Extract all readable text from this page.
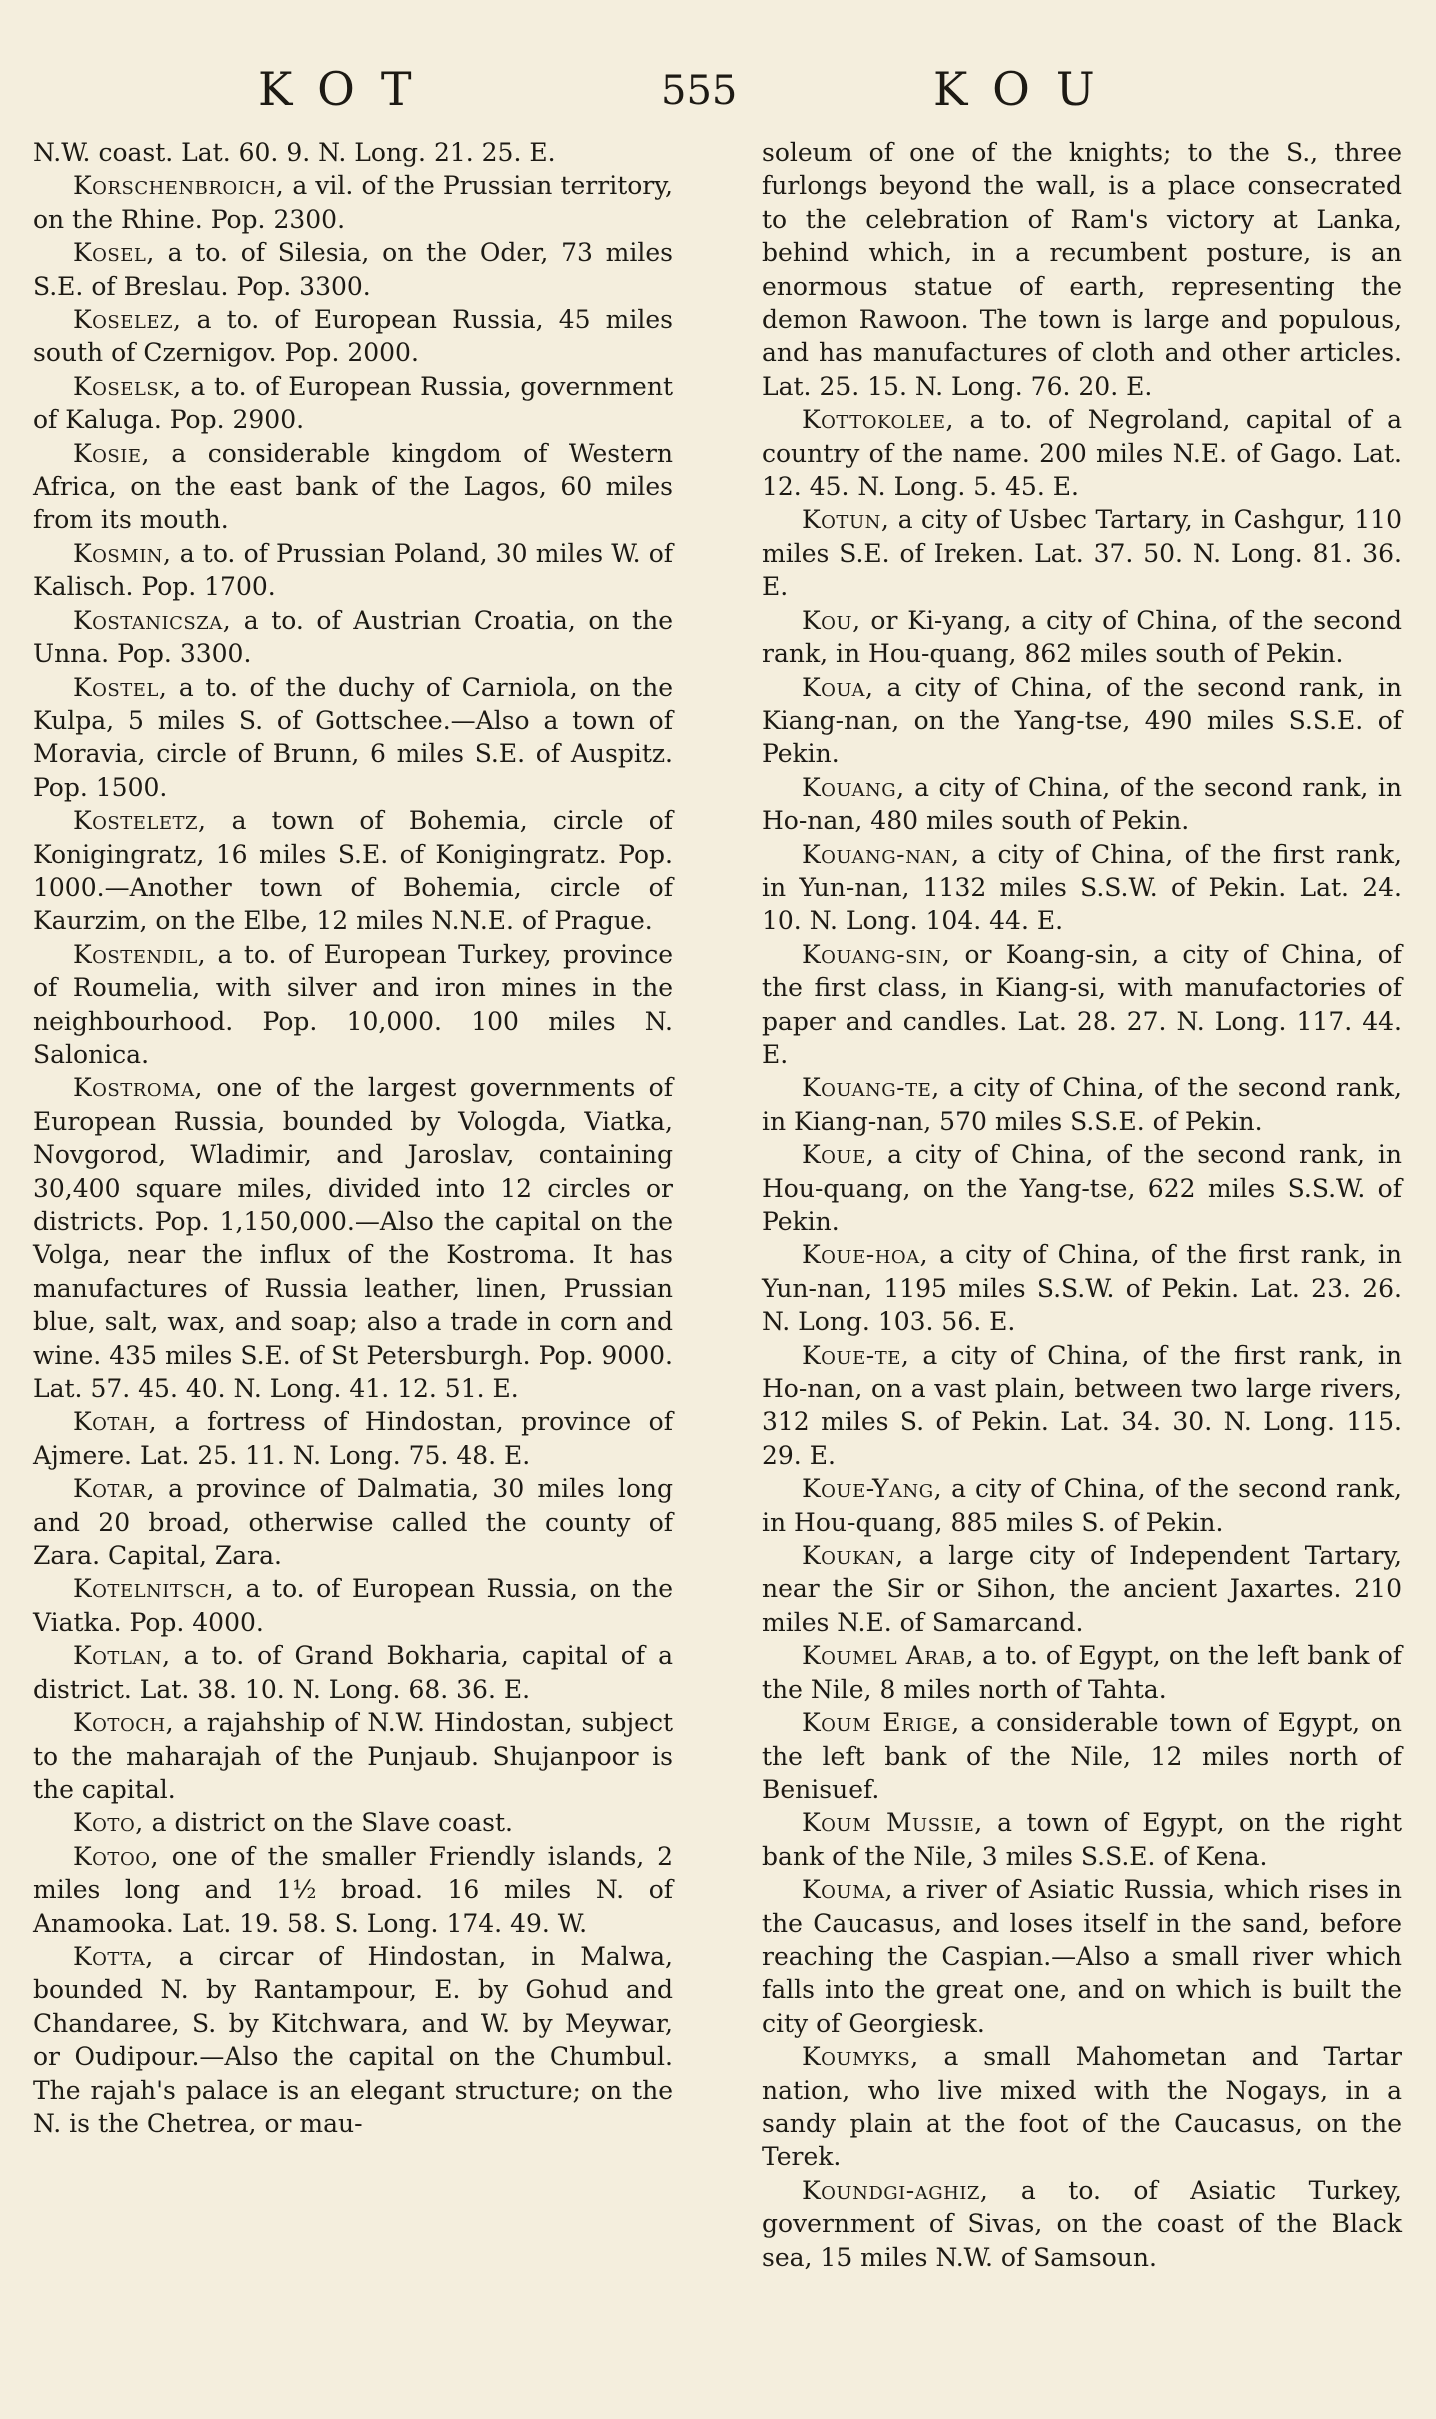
KOT	555	KOU

N.W. coast. Lat. 60. 9. N. Long. 21. 25. E.

Korschenbroich, a vil. of the Prussian territory, on the Rhine. Pop. 2300.

Kosel, a to. of Silesia, on the Oder, 73 miles S.E. of Breslau. Pop. 3300.

Koselez, a to. of European Russia, 45 miles south of Czernigov. Pop. 2000.

Koselsk, a to. of European Russia, government of Kaluga. Pop. 2900.

Kosie, a considerable kingdom of Western Africa, on the east bank of the Lagos, 60 miles from its mouth.

Kosmin, a to. of Prussian Poland, 30 miles W. of Kalisch. Pop. 1700.

Kostanicsza, a to. of Austrian Croatia, on the Unna. Pop. 3300.

Kostel, a to. of the duchy of Carniola, on the Kulpa, 5 miles S. of Gottschee.—Also a town of Moravia, circle of Brunn, 6 miles S.E. of Auspitz. Pop. 1500.

Kosteletz, a town of Bohemia, circle of Konigingratz, 16 miles S.E. of Konigingratz. Pop. 1000.—Another town of Bohemia, circle of Kaurzim, on the Elbe, 12 miles N.N.E. of Prague.

Kostendil, a to. of European Turkey, province of Roumelia, with silver and iron mines in the neighbourhood. Pop. 10,000. 100 miles N. Salonica.

Kostroma, one of the largest governments of European Russia, bounded by Vologda, Viatka, Novgorod, Wladimir, and Jaroslav, containing 30,400 square miles, divided into 12 circles or districts. Pop. 1,150,000.—Also the capital on the Volga, near the influx of the Kostroma. It has manufactures of Russia leather, linen, Prussian blue, salt, wax, and soap; also a trade in corn and wine. 435 miles S.E. of St Petersburgh. Pop. 9000. Lat. 57. 45. 40. N. Long. 41. 12. 51. E.

Kotah, a fortress of Hindostan, province of Ajmere. Lat. 25. 11. N. Long. 75. 48. E.

Kotar, a province of Dalmatia, 30 miles long and 20 broad, otherwise called the county of Zara. Capital, Zara.

Kotelnitsch, a to. of European Russia, on the Viatka. Pop. 4000.

Kotlan, a to. of Grand Bokharia, capital of a district. Lat. 38. 10. N. Long. 68. 36. E.

Kotoch, a rajahship of N.W. Hindostan, subject to the maharajah of the Punjaub. Shujanpoor is the capital.

Koto, a district on the Slave coast.

Kotoo, one of the smaller Friendly islands, 2 miles long and 1½ broad. 16 miles N. of Anamooka. Lat. 19. 58. S. Long. 174. 49. W.

Kotta, a circar of Hindostan, in Malwa, bounded N. by Rantampour, E. by Gohud and Chandaree, S. by Kitchwara, and W. by Meywar, or Oudipour.—Also the capital on the Chumbul. The rajah's palace is an elegant structure; on the N. is the Chetrea, or mau-

soleum of one of the knights; to the S., three furlongs beyond the wall, is a place consecrated to the celebration of Ram's victory at Lanka, behind which, in a recumbent posture, is an enormous statue of earth, representing the demon Rawoon. The town is large and populous, and has manufactures of cloth and other articles. Lat. 25. 15. N. Long. 76. 20. E.

Kottokolee, a to. of Negroland, capital of a country of the name. 200 miles N.E. of Gago. Lat. 12. 45. N. Long. 5. 45. E.

Kotun, a city of Usbec Tartary, in Cashgur, 110 miles S.E. of Ireken. Lat. 37. 50. N. Long. 81. 36. E.

Kou, or Ki-yang, a city of China, of the second rank, in Hou-quang, 862 miles south of Pekin.

Koua, a city of China, of the second rank, in Kiang-nan, on the Yang-tse, 490 miles S.S.E. of Pekin.

Kouang, a city of China, of the second rank, in Ho-nan, 480 miles south of Pekin.

Kouang-nan, a city of China, of the first rank, in Yun-nan, 1132 miles S.S.W. of Pekin. Lat. 24. 10. N. Long. 104. 44. E.

Kouang-sin, or Koang-sin, a city of China, of the first class, in Kiang-si, with manufactories of paper and candles. Lat. 28. 27. N. Long. 117. 44. E.

Kouang-te, a city of China, of the second rank, in Kiang-nan, 570 miles S.S.E. of Pekin.

Koue, a city of China, of the second rank, in Hou-quang, on the Yang-tse, 622 miles S.S.W. of Pekin.

Koue-hoa, a city of China, of the first rank, in Yun-nan, 1195 miles S.S.W. of Pekin. Lat. 23. 26. N. Long. 103. 56. E.

Koue-te, a city of China, of the first rank, in Ho-nan, on a vast plain, between two large rivers, 312 miles S. of Pekin. Lat. 34. 30. N. Long. 115. 29. E.

Koue-Yang, a city of China, of the second rank, in Hou-quang, 885 miles S. of Pekin.

Koukan, a large city of Independent Tartary, near the Sir or Sihon, the ancient Jaxartes. 210 miles N.E. of Samarcand.

Koumel Arab, a to. of Egypt, on the left bank of the Nile, 8 miles north of Tahta.

Koum Erige, a considerable town of Egypt, on the left bank of the Nile, 12 miles north of Benisuef.

Koum Mussie, a town of Egypt, on the right bank of the Nile, 3 miles S.S.E. of Kena.

Kouma, a river of Asiatic Russia, which rises in the Caucasus, and loses itself in the sand, before reaching the Caspian.—Also a small river which falls into the great one, and on which is built the city of Georgiesk.

Koumyks, a small Mahometan and Tartar nation, who live mixed with the Nogays, in a sandy plain at the foot of the Caucasus, on the Terek.

Koundgi-aghiz, a to. of Asiatic Turkey, government of Sivas, on the coast of the Black sea, 15 miles N.W. of Samsoun.
